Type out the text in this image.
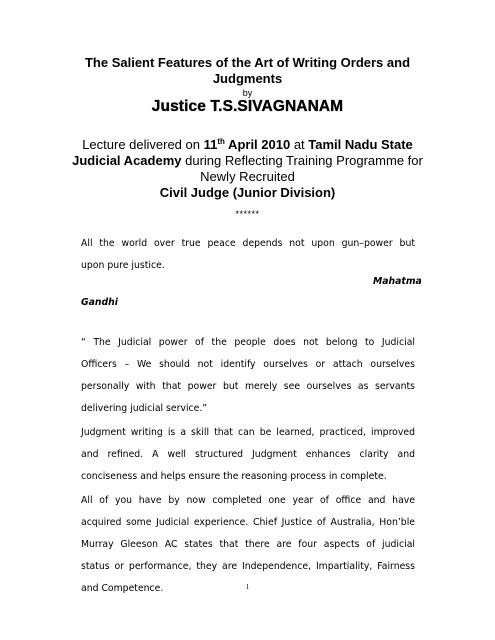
The Salient Features of the Art of Writing Orders and
Judgments
by
Justice T.S.SIVAGNANAM
Lecture delivered on 11th April 2010 at Tamil Nadu State
Judicial Academy during Reflecting Training Programme for
Newly Recruited
Civil Judge (Junior Division)
******
All the world over true peace depends not upon gun–power but
upon pure justice.
Mahatma
Gandhi
“ The Judicial power of the people does not belong to Judicial
Officers – We should not identify ourselves or attach ourselves
personally with that power but merely see ourselves as servants
delivering judicial service.”
Judgment writing is a skill that can be learned, practiced, improved
and refined. A well structured Judgment enhances clarity and
conciseness and helps ensure the reasoning process in complete.
All of you have by now completed one year of office and have
acquired some Judicial experience. Chief Justice of Australia, Hon’ble
Murray Gleeson AC states that there are four aspects of judicial
status or performance, they are Independence, Impartiality, Fairness
and Competence.	1
